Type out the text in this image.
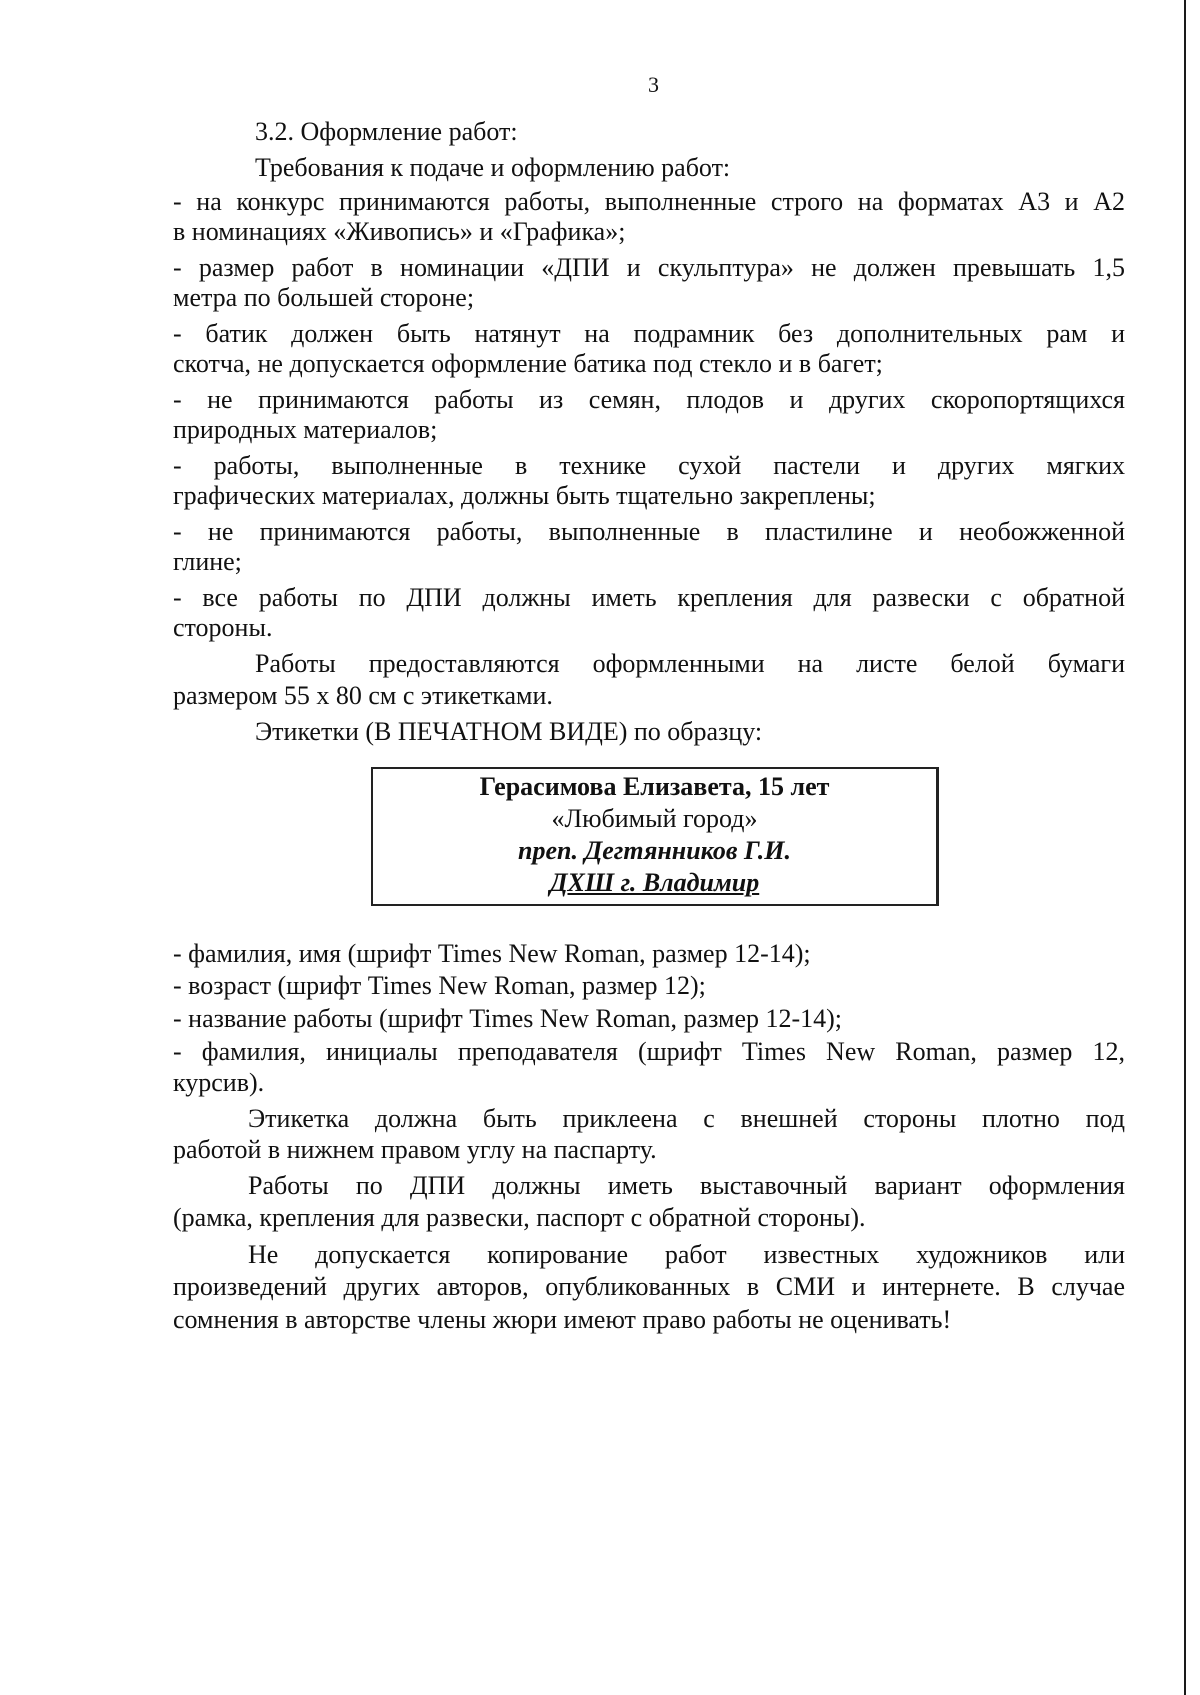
3
3.2. Оформление работ:
Требования к подаче и оформлению работ:
- на конкурс принимаются работы, выполненные строго на форматах А3 и А2
в номинациях «Живопись» и «Графика»;
- размер работ в номинации «ДПИ и скульптура» не должен превышать 1,5
метра по большей стороне;
- батик должен быть натянут на подрамник без дополнительных рам и
скотча, не допускается оформление батика под стекло и в багет;
- не принимаются работы из семян, плодов и других скоропортящихся
природных материалов;
- работы, выполненные в технике сухой пастели и других мягких
графических материалах, должны быть тщательно закреплены;
- не принимаются работы, выполненные в пластилине и необожженной
глине;
- все работы по ДПИ должны иметь крепления для развески с обратной
стороны.
Работы предоставляются оформленными на листе белой бумаги
размером 55 х 80 см с этикетками.
Этикетки (В ПЕЧАТНОМ ВИДЕ) по образцу:
Герасимова Елизавета, 15 лет
«Любимый город»
преп. Дегтянников Г.И.
ДХШ г. Владимир
- фамилия, имя (шрифт Times New Roman, размер 12-14);
- возраст (шрифт Times New Roman, размер 12);
- название работы (шрифт Times New Roman, размер 12-14);
- фамилия, инициалы преподавателя (шрифт Times New Roman, размер 12,
курсив).
Этикетка должна быть приклеена с внешней стороны плотно под
работой в нижнем правом углу на паспарту.
Работы по ДПИ должны иметь выставочный вариант оформления
(рамка, крепления для развески, паспорт с обратной стороны).
Не допускается копирование работ известных художников или
произведений других авторов, опубликованных в СМИ и интернете. В случае
сомнения в авторстве члены жюри имеют право работы не оценивать!
